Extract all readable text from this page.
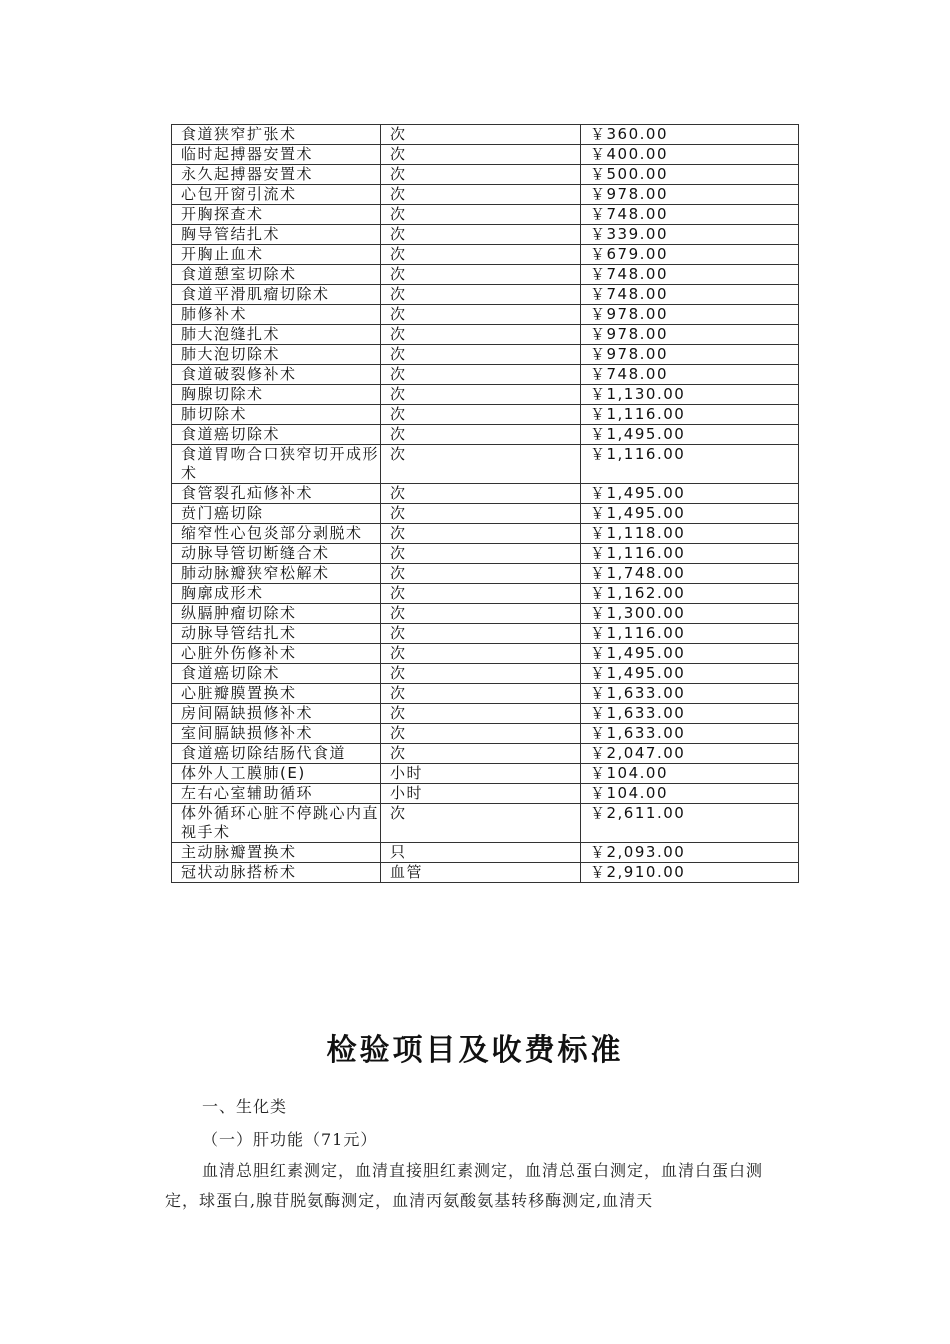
食道狭窄扩张术	次	￥360.00
临时起搏器安置术	次	￥400.00
永久起搏器安置术	次	￥500.00
心包开窗引流术	次	￥978.00
开胸探查术	次	￥748.00
胸导管结扎术	次	￥339.00
开胸止血术	次	￥679.00
食道憩室切除术	次	￥748.00
食道平滑肌瘤切除术	次	￥748.00
肺修补术	次	￥978.00
肺大泡缝扎术	次	￥978.00
肺大泡切除术	次	￥978.00
食道破裂修补术	次	￥748.00
胸腺切除术	次	￥1,130.00
肺切除术	次	￥1,116.00
食道癌切除术	次	￥1,495.00
食道胃吻合口狭窄切开成形术	次	￥1,116.00
食管裂孔疝修补术	次	￥1,495.00
贲门癌切除	次	￥1,495.00
缩窄性心包炎部分剥脱术	次	￥1,118.00
动脉导管切断缝合术	次	￥1,116.00
肺动脉瓣狭窄松解术	次	￥1,748.00
胸廓成形术	次	￥1,162.00
纵膈肿瘤切除术	次	￥1,300.00
动脉导管结扎术	次	￥1,116.00
心脏外伤修补术	次	￥1,495.00
食道癌切除术	次	￥1,495.00
心脏瓣膜置换术	次	￥1,633.00
房间隔缺损修补术	次	￥1,633.00
室间膈缺损修补术	次	￥1,633.00
食道癌切除结肠代食道	次	￥2,047.00
体外人工膜肺(E)	小时	￥104.00
左右心室辅助循环	小时	￥104.00
体外循环心脏不停跳心内直视手术	次	￥2,611.00
主动脉瓣置换术	只	￥2,093.00
冠状动脉搭桥术	血管	￥2,910.00
检验项目及收费标准
一、生化类
（一）肝功能（71元）
血清总胆红素测定，血清直接胆红素测定，血清总蛋白测定，血清白蛋白测定，球蛋白,腺苷脱氨酶测定，血清丙氨酸氨基转移酶测定,血清天
